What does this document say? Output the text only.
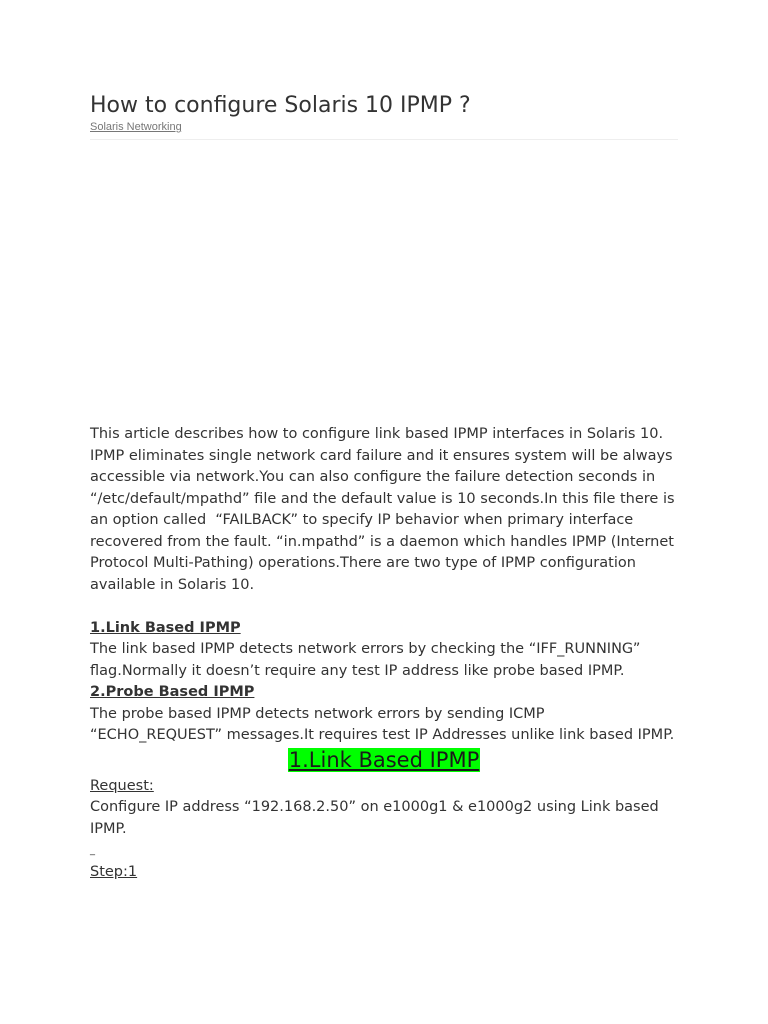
How to configure Solaris 10 IPMP ?
Solaris Networking

This article describes how to configure link based IPMP interfaces in Solaris 10. IPMP eliminates single network card failure and it ensures system will be always accessible via network.You can also configure the failure detection seconds in “/etc/default/mpathd” file and the default value is 10 seconds.In this file there is an option called  “FAILBACK” to specify IP behavior when primary interface recovered from the fault. “in.mpathd” is a daemon which handles IPMP (Internet Protocol Multi-Pathing) operations.There are two type of IPMP configuration available in Solaris 10.

1.Link Based IPMP

The link based IPMP detects network errors by checking the “IFF_RUNNING” flag.Normally it doesn’t require any test IP address like probe based IPMP.

2.Probe Based IPMP

The probe based IPMP detects network errors by sending ICMP “ECHO_REQUEST” messages.It requires test IP Addresses unlike link based IPMP.

1.Link Based IPMP

Request:

Configure IP address “192.168.2.50” on e1000g1 & e1000g2 using Link based IPMP.

_

Step:1
